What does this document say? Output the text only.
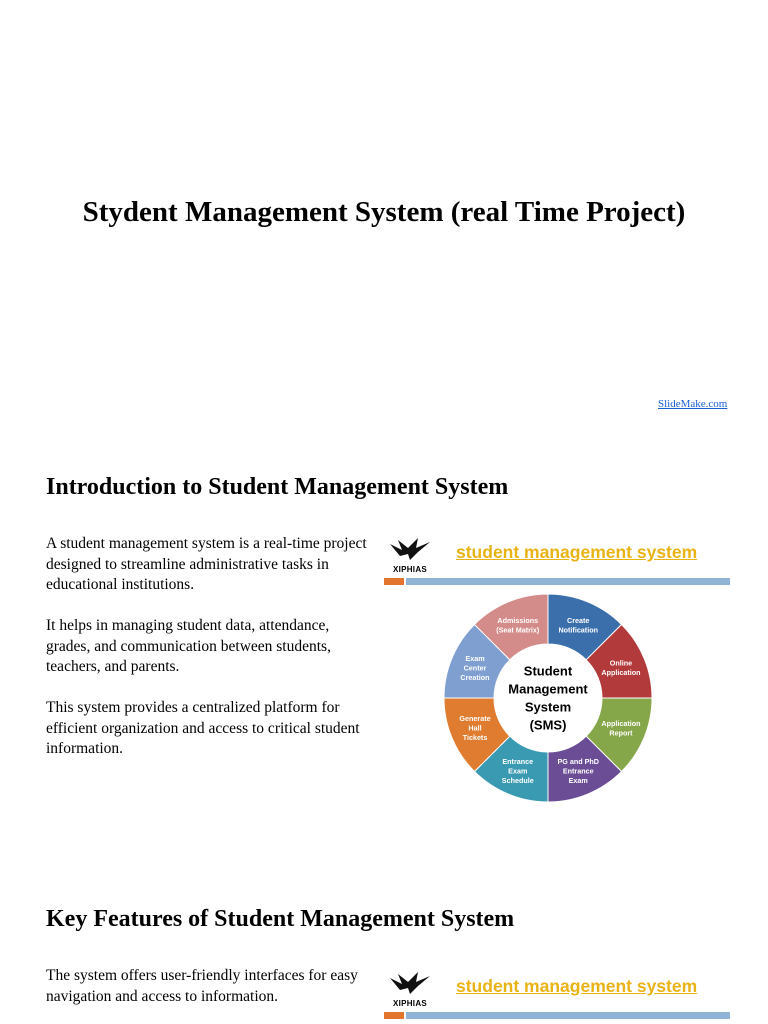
Stydent Management System (real Time Project)
SlideMake.com
Introduction to Student Management System

A student management system is a real-time project designed to streamline administrative tasks in educational institutions.

It helps in managing student data, attendance, grades, and communication between students, teachers, and parents.

This system provides a centralized platform for efficient organization and access to critical student information.

XIPHIAS
student management system
Create Notification
Online Application
Application Report
PG and PhD Entrance Exam
Entrance Exam Schedule
Generate Hall Tickets
Exam Center Creation
Admissions (Seat Matrix)
Student Management System (SMS)
Key Features of Student Management System

The system offers user-friendly interfaces for easy navigation and access to information.	XIPHIAS
student management system
